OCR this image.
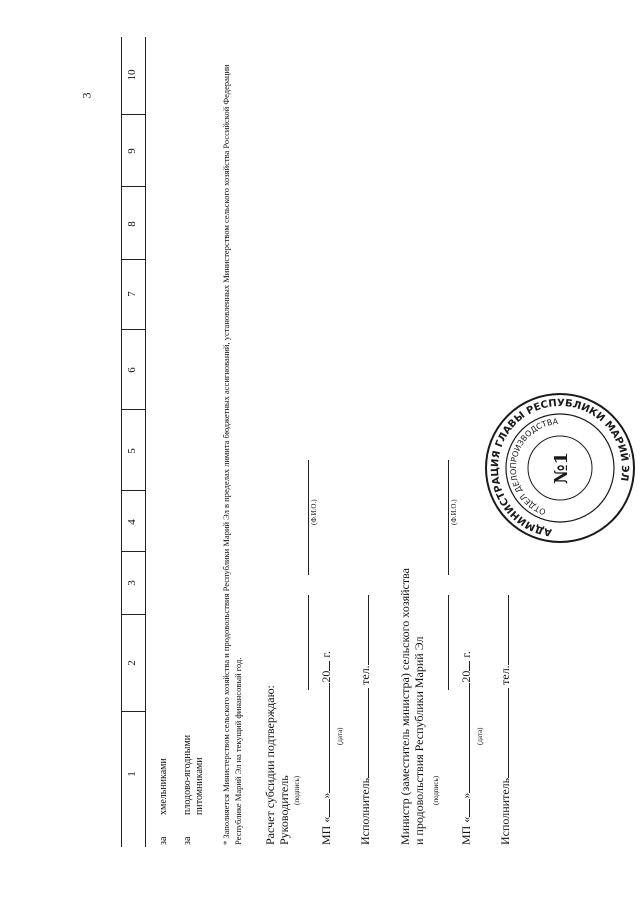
3
1
2
3
4
5
6
7
8
9
10
за
хмельниками
за
плодово-ягодными питомниками * Заполняется Министерством сельского хозяйства и продовольствия Республики Марий Эл в пределах лимита бюджетных ассигнований, установленных Министерством сельского хозяйства Российской Федерации Республике Марий Эл на текущий финансовый год. Расчет субсидии подтверждаю: Руководитель (подпись)
(Ф.И.О.)
МП «»20 г.
(дата)
Исполнитель тел. Министр (заместитель министра) сельского хозяйства и продовольствия Республики Марий Эл (подпись)
(Ф.И.О.)
МП «»20 г.
(дата)
Исполнитель тел.
АДМИНИСТРАЦИЯ ГЛАВЫ РЕСПУБЛИКИ МАРИЙ ЭЛ
ОТДЕЛ ДЕЛОПРОИЗВОДСТВА
№1
